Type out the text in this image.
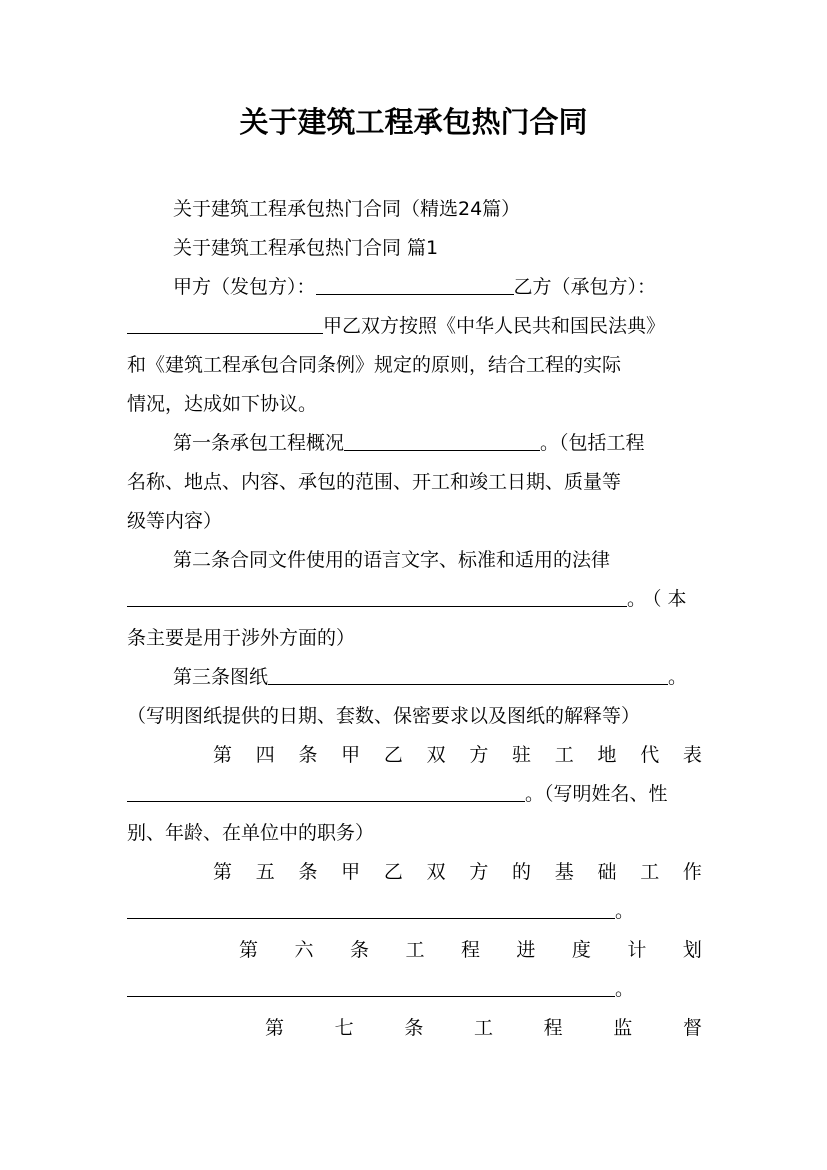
关于建筑工程承包热门合同
关于建筑工程承包热门合同（精选24篇）
关于建筑工程承包热门合同 篇1
甲方（发包方）：	乙方（承包方）：
甲乙双方按照《中华人民共和国民法典》
和《建筑工程承包合同条例》规定的原则，结合工程的实际
情况，达成如下协议。
第一条承包工程概况	。（包括工程
名称、地点、内容、承包的范围、开工和竣工日期、质量等
级等内容）
第二条合同文件使用的语言文字、标准和适用的法律
。（本
条主要是用于涉外方面的）
第三条图纸	。
（写明图纸提供的日期、套数、保密要求以及图纸的解释等）
第 四 条 甲 乙 双 方 驻 工 地 代 表
。（写明姓名、性
别、年龄、在单位中的职务）
第 五 条 甲 乙 双 方 的 基 础 工 作
。
第 六 条 工 程 进 度 计 划
。
第	七	条	工	程	监	督
